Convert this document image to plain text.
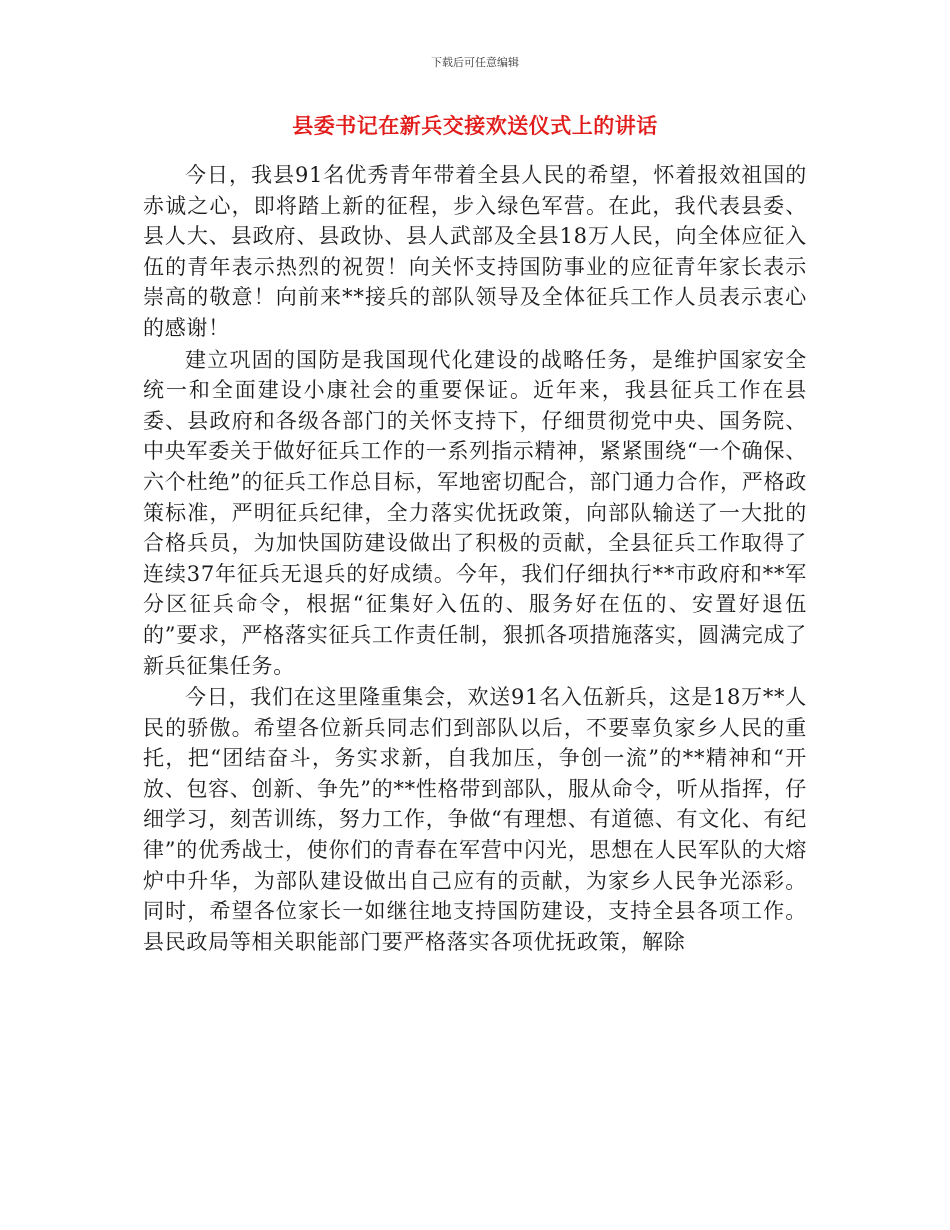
下载后可任意编辑
县委书记在新兵交接欢送仪式上的讲话

今日，我县91名优秀青年带着全县人民的希望，怀着报效祖国的赤诚之心，即将踏上新的征程，步入绿色军营。在此，我代表县委、县人大、县政府、县政协、县人武部及全县18万人民，向全体应征入伍的青年表示热烈的祝贺！向关怀支持国防事业的应征青年家长表示崇高的敬意！向前来**接兵的部队领导及全体征兵工作人员表示衷心的感谢！

建立巩固的国防是我国现代化建设的战略任务，是维护国家安全统一和全面建设小康社会的重要保证。近年来，我县征兵工作在县委、县政府和各级各部门的关怀支持下，仔细贯彻党中央、国务院、中央军委关于做好征兵工作的一系列指示精神，紧紧围绕“一个确保、六个杜绝”的征兵工作总目标，军地密切配合，部门通力合作，严格政策标准，严明征兵纪律，全力落实优抚政策，向部队输送了一大批的合格兵员，为加快国防建设做出了积极的贡献，全县征兵工作取得了连续37年征兵无退兵的好成绩。今年，我们仔细执行**市政府和**军分区征兵命令，根据“征集好入伍的、服务好在伍的、安置好退伍的”要求，严格落实征兵工作责任制，狠抓各项措施落实，圆满完成了新兵征集任务。

今日，我们在这里隆重集会，欢送91名入伍新兵，这是18万**人民的骄傲。希望各位新兵同志们到部队以后，不要辜负家乡人民的重托，把“团结奋斗，务实求新，自我加压，争创一流”的**精神和“开放、包容、创新、争先”的**性格带到部队，服从命令，听从指挥，仔细学习，刻苦训练，努力工作，争做“有理想、有道德、有文化、有纪律”的优秀战士，使你们的青春在军营中闪光，思想在人民军队的大熔炉中升华，为部队建设做出自己应有的贡献，为家乡人民争光添彩。同时，希望各位家长一如继往地支持国防建设，支持全县各项工作。县民政局等相关职能部门要严格落实各项优抚政策，解除
